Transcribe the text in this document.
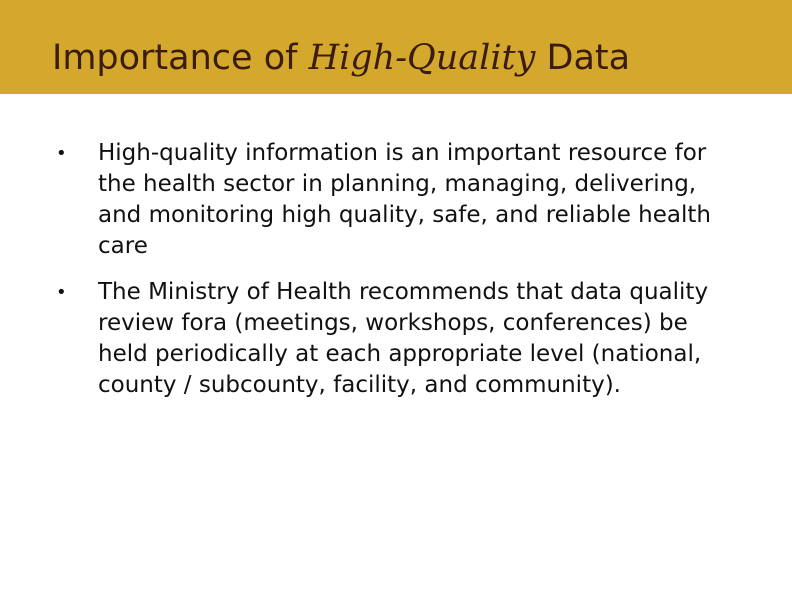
Importance of High-Quality Data
• High-quality information is an important resource for the health sector in planning, managing, delivering, and monitoring high quality, safe, and reliable health care
• The Ministry of Health recommends that data quality review fora (meetings, workshops, conferences) be held periodically at each appropriate level (national, county / subcounty, facility, and community).
